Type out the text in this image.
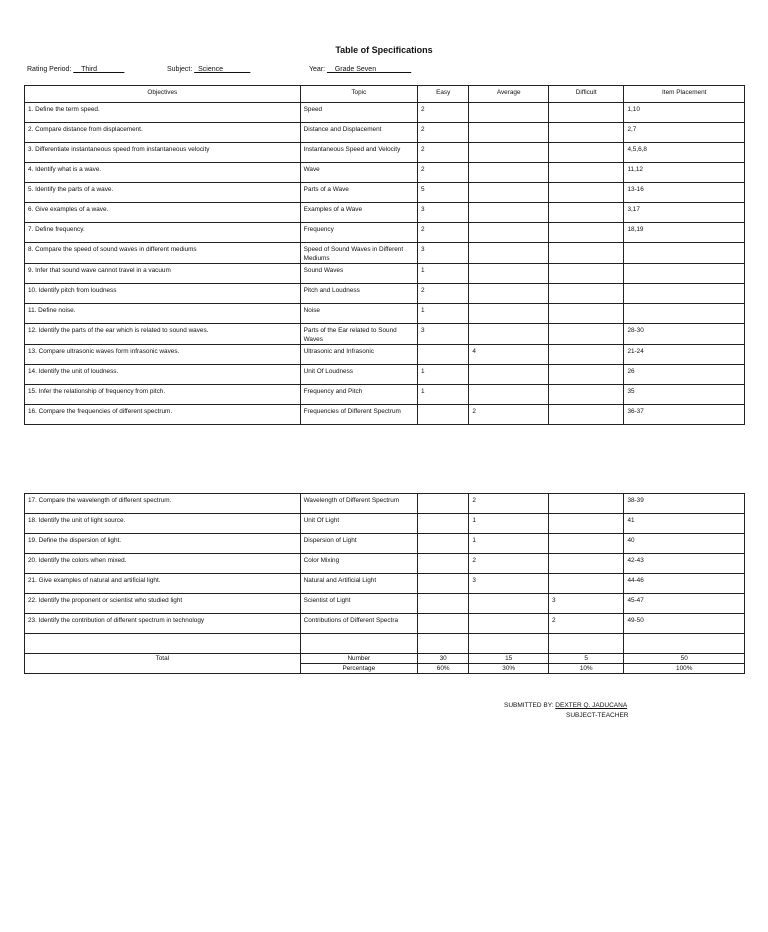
Table of Specifications
Rating Period: __Third_______	Subject: _Science_______	Year: __Grade Seven_________
Objectives	Topic	Easy	Average	Difficult	Item Placement
1. Define the term speed.	Speed	2			1,10
2. Compare distance from displacement.	Distance and Displacement	2			2,7
3. Differentiate instantaneous speed from instantaneous velocity	Instantaneous Speed and Velocity	2			4,5,6,8
4. Identify what is a wave.	Wave	2			11,12
5. Identify the parts of a wave.	Parts of a Wave	5			13-16
6. Give examples of a wave.	Examples of a Wave	3			3,17
7. Define frequency.	Frequency	2			18,19
8. Compare the speed of sound waves in different mediums	Speed of Sound Waves in Different Mediums	3			
9. Infer that sound wave cannot travel in a vacuum	Sound Waves	1			
10. Identify pitch from loudness	Pitch and Loudness	2			
11. Define noise.	Noise	1			
12. Identify the parts of the ear which is related to sound waves.	Parts of the Ear related to Sound Waves	3			28-30
13. Compare ultrasonic waves form infrasonic waves.	Ultrasonic and Infrasonic		4		21-24
14. Identify the unit of loudness.	Unit Of Loudness	1			26
15. Infer the relationship of frequency from pitch.	Frequency and Pitch	1			35
16. Compare the frequencies of different spectrum.	Frequencies of Different Spectrum		2		36-37
17. Compare the wavelength of different spectrum.	Wavelength of Different Spectrum		2		38-39
18. Identify the unit of light source.	Unit Of Light		1		41
19. Define the dispersion of light.	Dispersion of Light		1		40
20. Identify the colors when mixed.	Color Mixing		2		42-43
21. Give examples of natural and artificial light.	Natural and Artificial Light		3		44-46
22. Identify the proponent or scientist who studied light	Scientist of Light			3	45-47
23. Identify the contribution of different spectrum in technology	Contributions of Different Spectra			2	49-50

Total	Number	30	15	5	50
	Percentage	60%	30%	10%	100%
SUBMITTED BY: DEXTER Q. JADUCANA
SUBJECT-TEACHER
